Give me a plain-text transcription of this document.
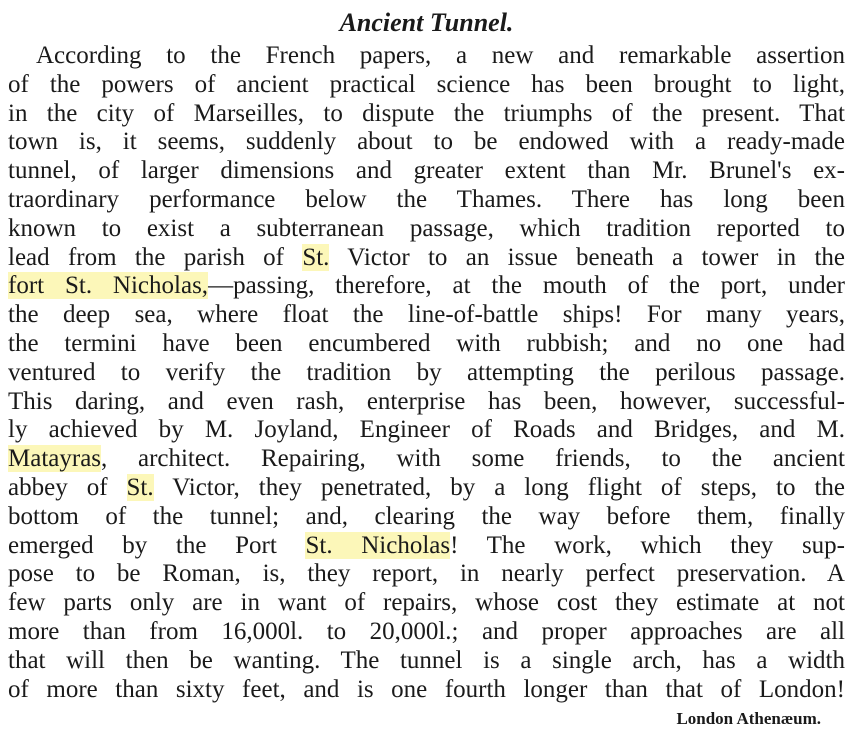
Ancient Tunnel.
According to the French papers, a new and remarkable assertion
of the powers of ancient practical science has been brought to light,
in the city of Marseilles, to dispute the triumphs of the present. That
town is, it seems, suddenly about to be endowed with a ready-made
tunnel, of larger dimensions and greater extent than Mr. Brunel's ex-
traordinary performance below the Thames. There has long been
known to exist a subterranean passage, which tradition reported to
lead from the parish of St. Victor to an issue beneath a tower in the
fort St. Nicholas,—passing, therefore, at the mouth of the port, under
the deep sea, where float the line-of-battle ships! For many years,
the termini have been encumbered with rubbish; and no one had
ventured to verify the tradition by attempting the perilous passage.
This daring, and even rash, enterprise has been, however, successful-
ly achieved by M. Joyland, Engineer of Roads and Bridges, and M.
Matayras, architect. Repairing, with some friends, to the ancient
abbey of St. Victor, they penetrated, by a long flight of steps, to the
bottom of the tunnel; and, clearing the way before them, finally
emerged by the Port St. Nicholas! The work, which they sup-
pose to be Roman, is, they report, in nearly perfect preservation. A
few parts only are in want of repairs, whose cost they estimate at not
more than from 16,000l. to 20,000l.; and proper approaches are all
that will then be wanting. The tunnel is a single arch, has a width
of more than sixty feet, and is one fourth longer than that of London!
London Athenæum.
